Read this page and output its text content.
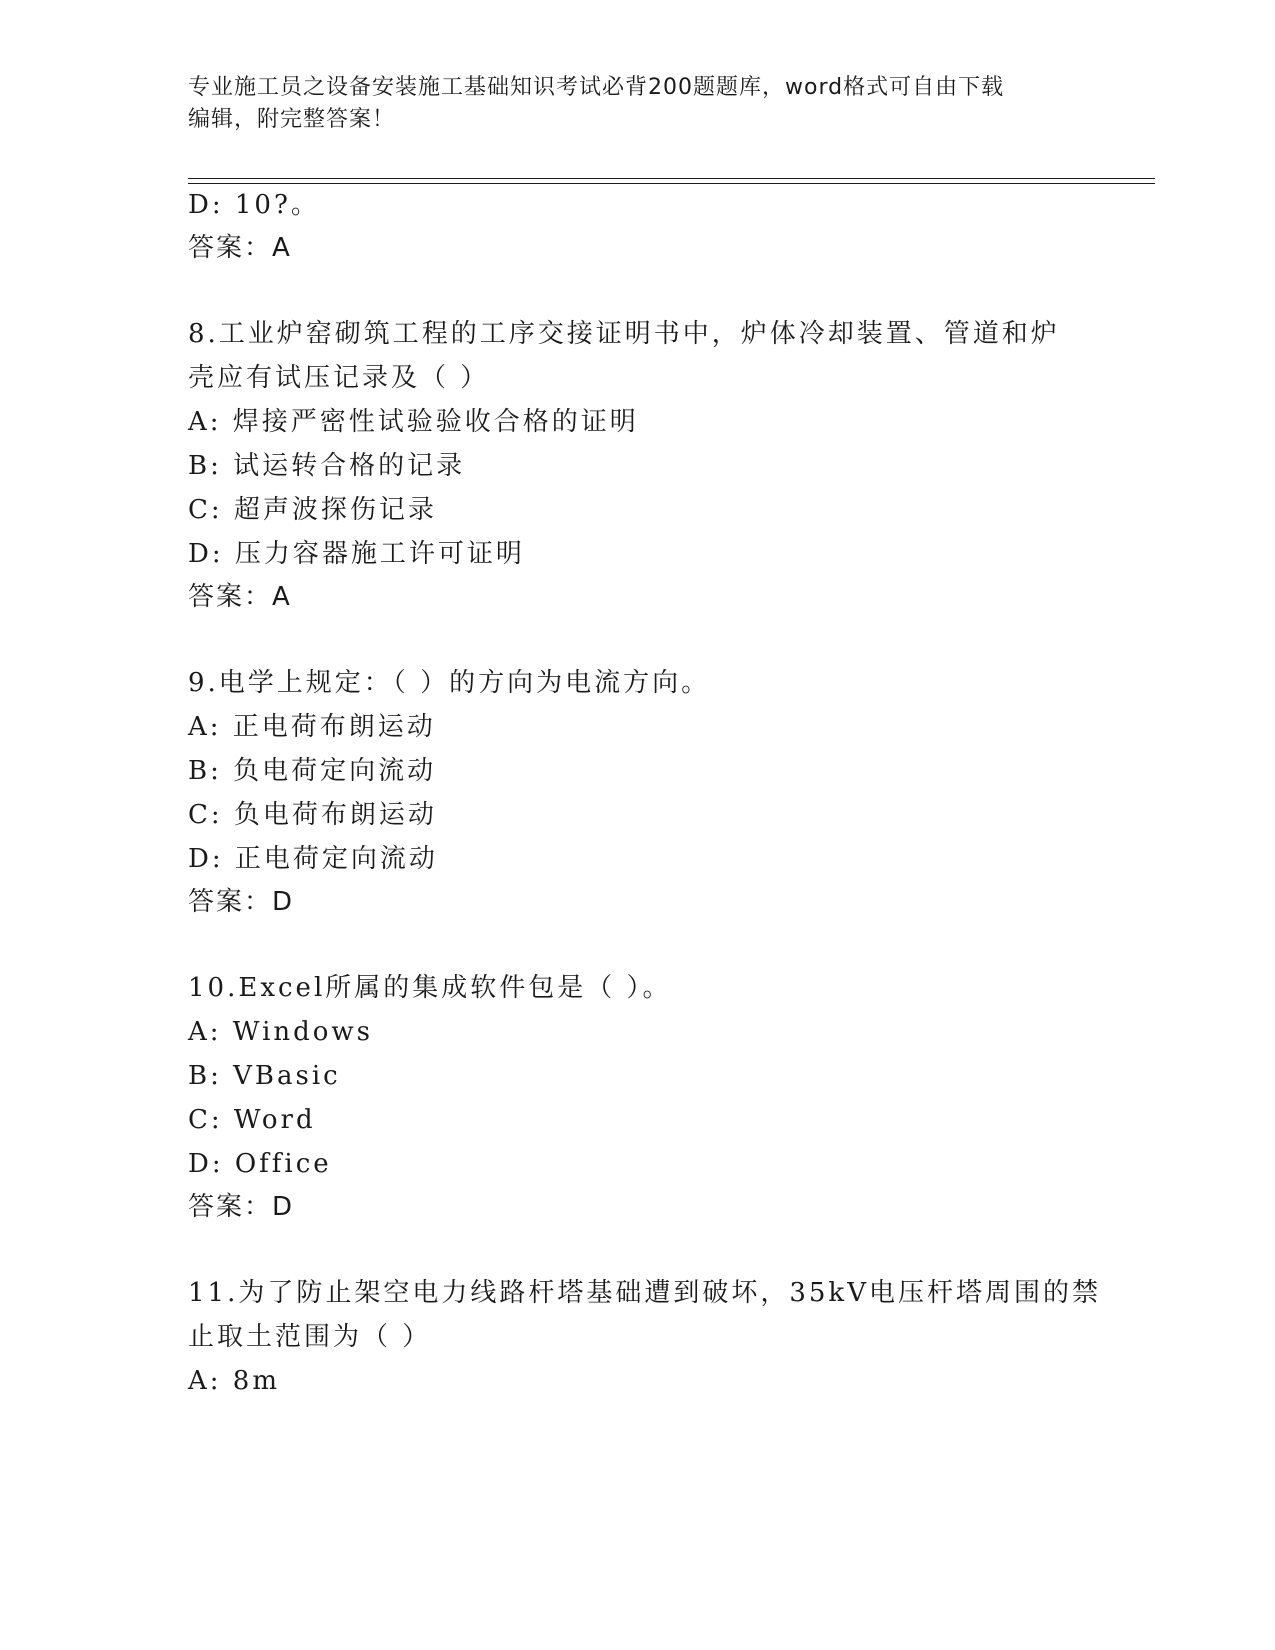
专业施工员之设备安装施工基础知识考试必背200题题库，word格式可自由下载
编辑，附完整答案！
D: 10?。
答案：A
8.工业炉窑砌筑工程的工序交接证明书中，炉体冷却装置、管道和炉
壳应有试压记录及（ ）
A: 焊接严密性试验验收合格的证明
B: 试运转合格的记录
C: 超声波探伤记录
D: 压力容器施工许可证明
答案：A
9.电学上规定：（ ）的方向为电流方向。
A: 正电荷布朗运动
B: 负电荷定向流动
C: 负电荷布朗运动
D: 正电荷定向流动
答案：D
10.Excel所属的集成软件包是（ ）。
A: Windows
B: VBasic
C: Word
D: Office
答案：D
11.为了防止架空电力线路杆塔基础遭到破坏，35kV电压杆塔周围的禁
止取土范围为（ ）
A: 8m
